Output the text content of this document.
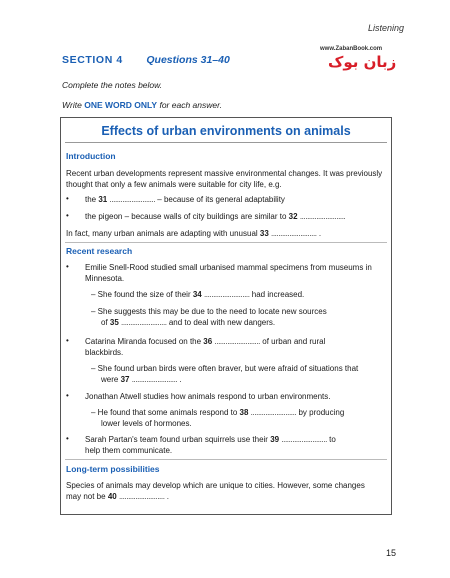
Listening
SECTION 4 Questions 31–40
www.ZabanBook.com
زبان بوک
Complete the notes below.
Write ONE WORD ONLY for each answer.
Effects of urban environments on animals
Introduction
Recent urban developments represent massive environmental changes. It was previously thought that only a few animals were suitable for city life, e.g.
•	the 31 ......................... – because of its general adaptability
•	the pigeon – because walls of city buildings are similar to 32 .........................
In fact, many urban animals are adapting with unusual 33 ......................... .
Recent research
•	Emilie Snell-Rood studied small urbanised mammal specimens from museums in Minnesota.
– She found the size of their 34 ......................... had increased.
– She suggests this may be due to the need to locate new sources
of 35 ......................... and to deal with new dangers.
•	Catarina Miranda focused on the 36 ......................... of urban and rural
blackbirds.
– She found urban birds were often braver, but were afraid of situations that
were 37 ......................... .
•	Jonathan Atwell studies how animals respond to urban environments.
– He found that some animals respond to 38 ......................... by producing
lower levels of hormones.
•	Sarah Partan's team found urban squirrels use their 39 ......................... to
help them communicate.
Long-term possibilities
Species of animals may develop which are unique to cities. However, some changes
may not be 40 ......................... .
15
